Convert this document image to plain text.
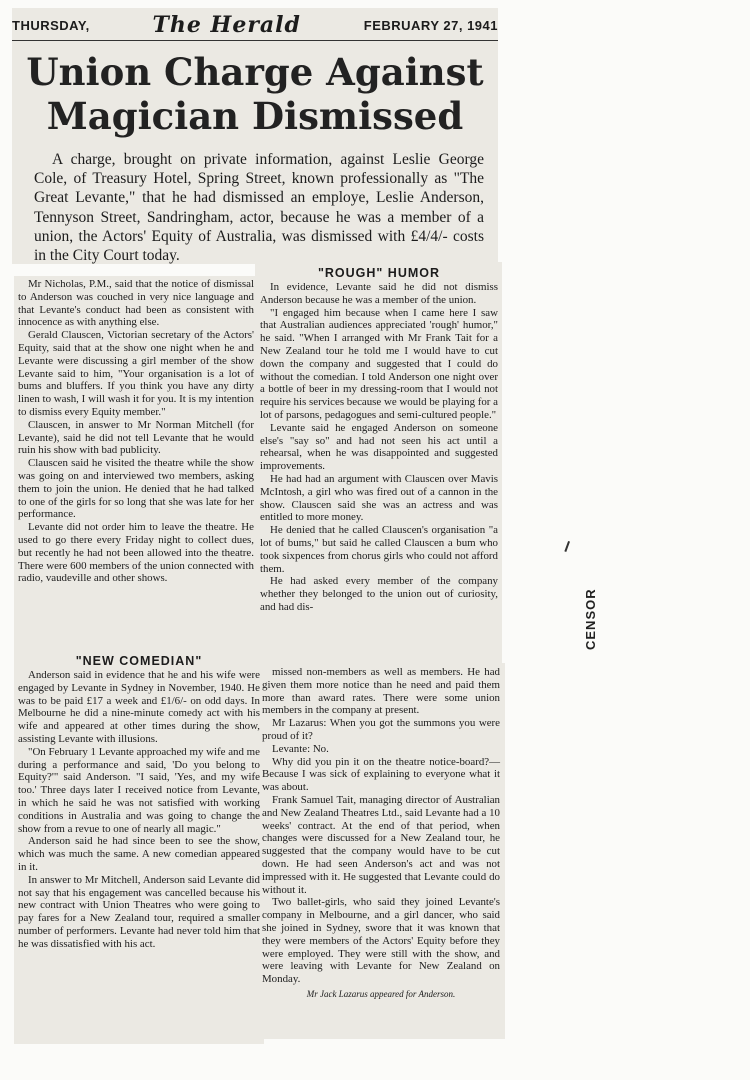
THURSDAY,	The Herald	FEBRUARY 27, 1941
Union Charge Against
Magician Dismissed

A charge, brought on private information, against Leslie George Cole, of Treasury Hotel, Spring Street, known professionally as "The Great Levante," that he had dismissed an employe, Leslie Anderson, Tennyson Street, Sandringham, actor, because he was a member of a union, the Actors' Equity of Australia, was dismissed with £4/4/- costs in the City Court today.

Mr Nicholas, P.M., said that the notice of dismissal to Anderson was couched in very nice language and that Levante's conduct had been as consistent with innocence as with anything else.

Gerald Clauscen, Victorian secretary of the Actors' Equity, said that at the show one night when he and Levante were discussing a girl member of the show Levante said to him, "Your organisation is a lot of bums and bluffers. If you think you have any dirty linen to wash, I will wash it for you. It is my intention to dismiss every Equity member."

Clauscen, in answer to Mr Norman Mitchell (for Levante), said he did not tell Levante that he would ruin his show with bad publicity.

Clauscen said he visited the theatre while the show was going on and interviewed two members, asking them to join the union. He denied that he had talked to one of the girls for so long that she was late for her performance.

Levante did not order him to leave the theatre. He used to go there every Friday night to collect dues, but recently he had not been allowed into the theatre. There were 600 members of the union connected with radio, vaudeville and other shows.

"ROUGH" HUMOR

In evidence, Levante said he did not dismiss Anderson because he was a member of the union.

"I engaged him because when I came here I saw that Australian audiences appreciated 'rough' humor," he said. "When I arranged with Mr Frank Tait for a New Zealand tour he told me I would have to cut down the company and suggested that I could do without the comedian. I told Anderson one night over a bottle of beer in my dressing-room that I would not require his services because we would be playing for a lot of parsons, pedagogues and semi-cultured people."

Levante said he engaged Anderson on someone else's "say so" and had not seen his act until a rehearsal, when he was disappointed and suggested improvements.

He had had an argument with Clauscen over Mavis McIntosh, a girl who was fired out of a cannon in the show. Clauscen said she was an actress and was entitled to more money.

He denied that he called Clauscen's organisation "a lot of bums," but said he called Clauscen a bum who took sixpences from chorus girls who could not afford them.

He had asked every member of the company whether they belonged to the union out of curiosity, and had dis-

"NEW COMEDIAN"

Anderson said in evidence that he and his wife were engaged by Levante in Sydney in November, 1940. He was to be paid £17 a week and £1/6/- on odd days. In Melbourne he did a nine-minute comedy act with his wife and appeared at other times during the show, assisting Levante with illusions.

"On February 1 Levante approached my wife and me during a performance and said, 'Do you belong to Equity?'" said Anderson. "I said, 'Yes, and my wife too.' Three days later I received notice from Levante, in which he said he was not satisfied with working conditions in Australia and was going to change the show from a revue to one of nearly all magic."

Anderson said he had since been to see the show, which was much the same. A new comedian appeared in it.

In answer to Mr Mitchell, Anderson said Levante did not say that his engagement was cancelled because his new contract with Union Theatres who were going to pay fares for a New Zealand tour, required a smaller number of performers. Levante had never told him that he was dissatisfied with his act.

missed non-members as well as members. He had given them more notice than he need and paid them more than award rates. There were some union members in the company at present.

Mr Lazarus: When you got the summons you were proud of it?

Levante: No.

Why did you pin it on the theatre notice-board?—Because I was sick of explaining to everyone what it was about.

Frank Samuel Tait, managing director of Australian and New Zealand Theatres Ltd., said Levante had a 10 weeks' contract. At the end of that period, when changes were discussed for a New Zealand tour, he suggested that the company would have to be cut down. He had seen Anderson's act and was not impressed with it. He suggested that Levante could do without it.

Two ballet-girls, who said they joined Levante's company in Melbourne, and a girl dancer, who said she joined in Sydney, swore that it was known that they were members of the Actors' Equity before they were employed. They were still with the show, and were leaving with Levante for New Zealand on Monday.

Mr Jack Lazarus appeared for Anderson.

CENSOR
